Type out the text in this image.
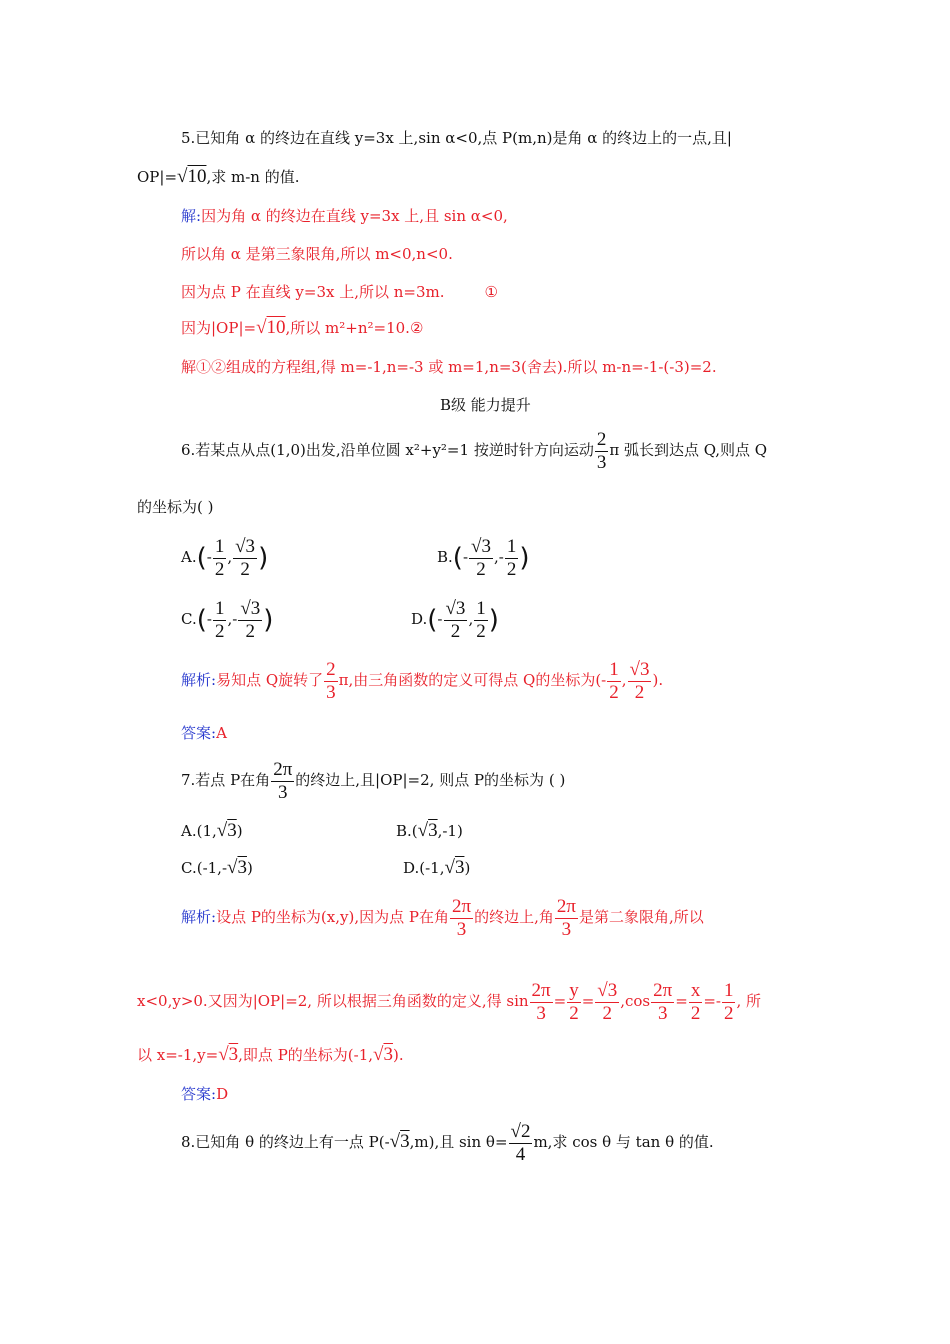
5.已知角 α 的终边在直线 y=3x 上,sin α<0,点 P(m,n)是角 α 的终边上的一点,且|
OP|=√10,求 m-n 的值.
解:因为角 α 的终边在直线 y=3x 上,且 sin α<0,
所以角 α 是第三象限角,所以 m<0,n<0.
因为点 P 在直线 y=3x 上,所以 n=3m.	①
因为|OP|=√10,所以 m²+n²=10.②
解①②组成的方程组,得 m=-1,n=-3 或 m=1,n=3(舍去).所以 m-n=-1-(-3)=2.
B级 能力提升
6.若某点从点(1,0)出发,沿单位圆 x²+y²=1 按逆时针方向运动 $\frac{2}{3}$ π 弧长到达点 Q,则点 Q
的坐标为( )
$A.(- \frac{1}{2}$ , $\frac{√3}{2}$ )	$B.(- \frac{√3}{2}$ ,- $\frac{1}{2}$ )
$C.(- \frac{1}{2}$ ,- $\frac{√3}{2}$ )	$D.(- \frac{√3}{2}$ , $\frac{1}{2}$ )
解析:易知点 Q旋转了 $\frac{2}{3} \pi$,由三角函数的定义可得点 Q的坐标为(- $\frac{1}{2}$ , $\frac{√3}{2}$ ).
答案:A
7.若点 P在角 $\frac{2\pi}{3}$ 的终边上,且|OP|=2, 则点 P的坐标为 ( )
A.(1,√3)	B.(√3,-1)
C.(-1,-√3)	D.(-1,√3)
解析:设点 P的坐标为(x,y),因为点 P在角 $\frac{2\pi}{3}$ 的终边上,角 $\frac{2\pi}{3}$ 是第二象限角,所以
x<0,y>0.又因为|OP|=2, 所以根据三角函数的定义,得 $\sin \frac{2\pi}{3} = \frac{y}{2} = \frac{√3}{2} ,\cos \frac{2\pi}{3} = \frac{x}{2} =- \frac{1}{2}$ , 所
以 x=-1,y=√3,即点 P的坐标为(-1,√3).
答案:D
8.已知角 θ 的终边上有一点 P(-√3,m),且 $\sin \theta= \frac{√2}{4} m$,求 cos θ 与 tan θ 的值.
